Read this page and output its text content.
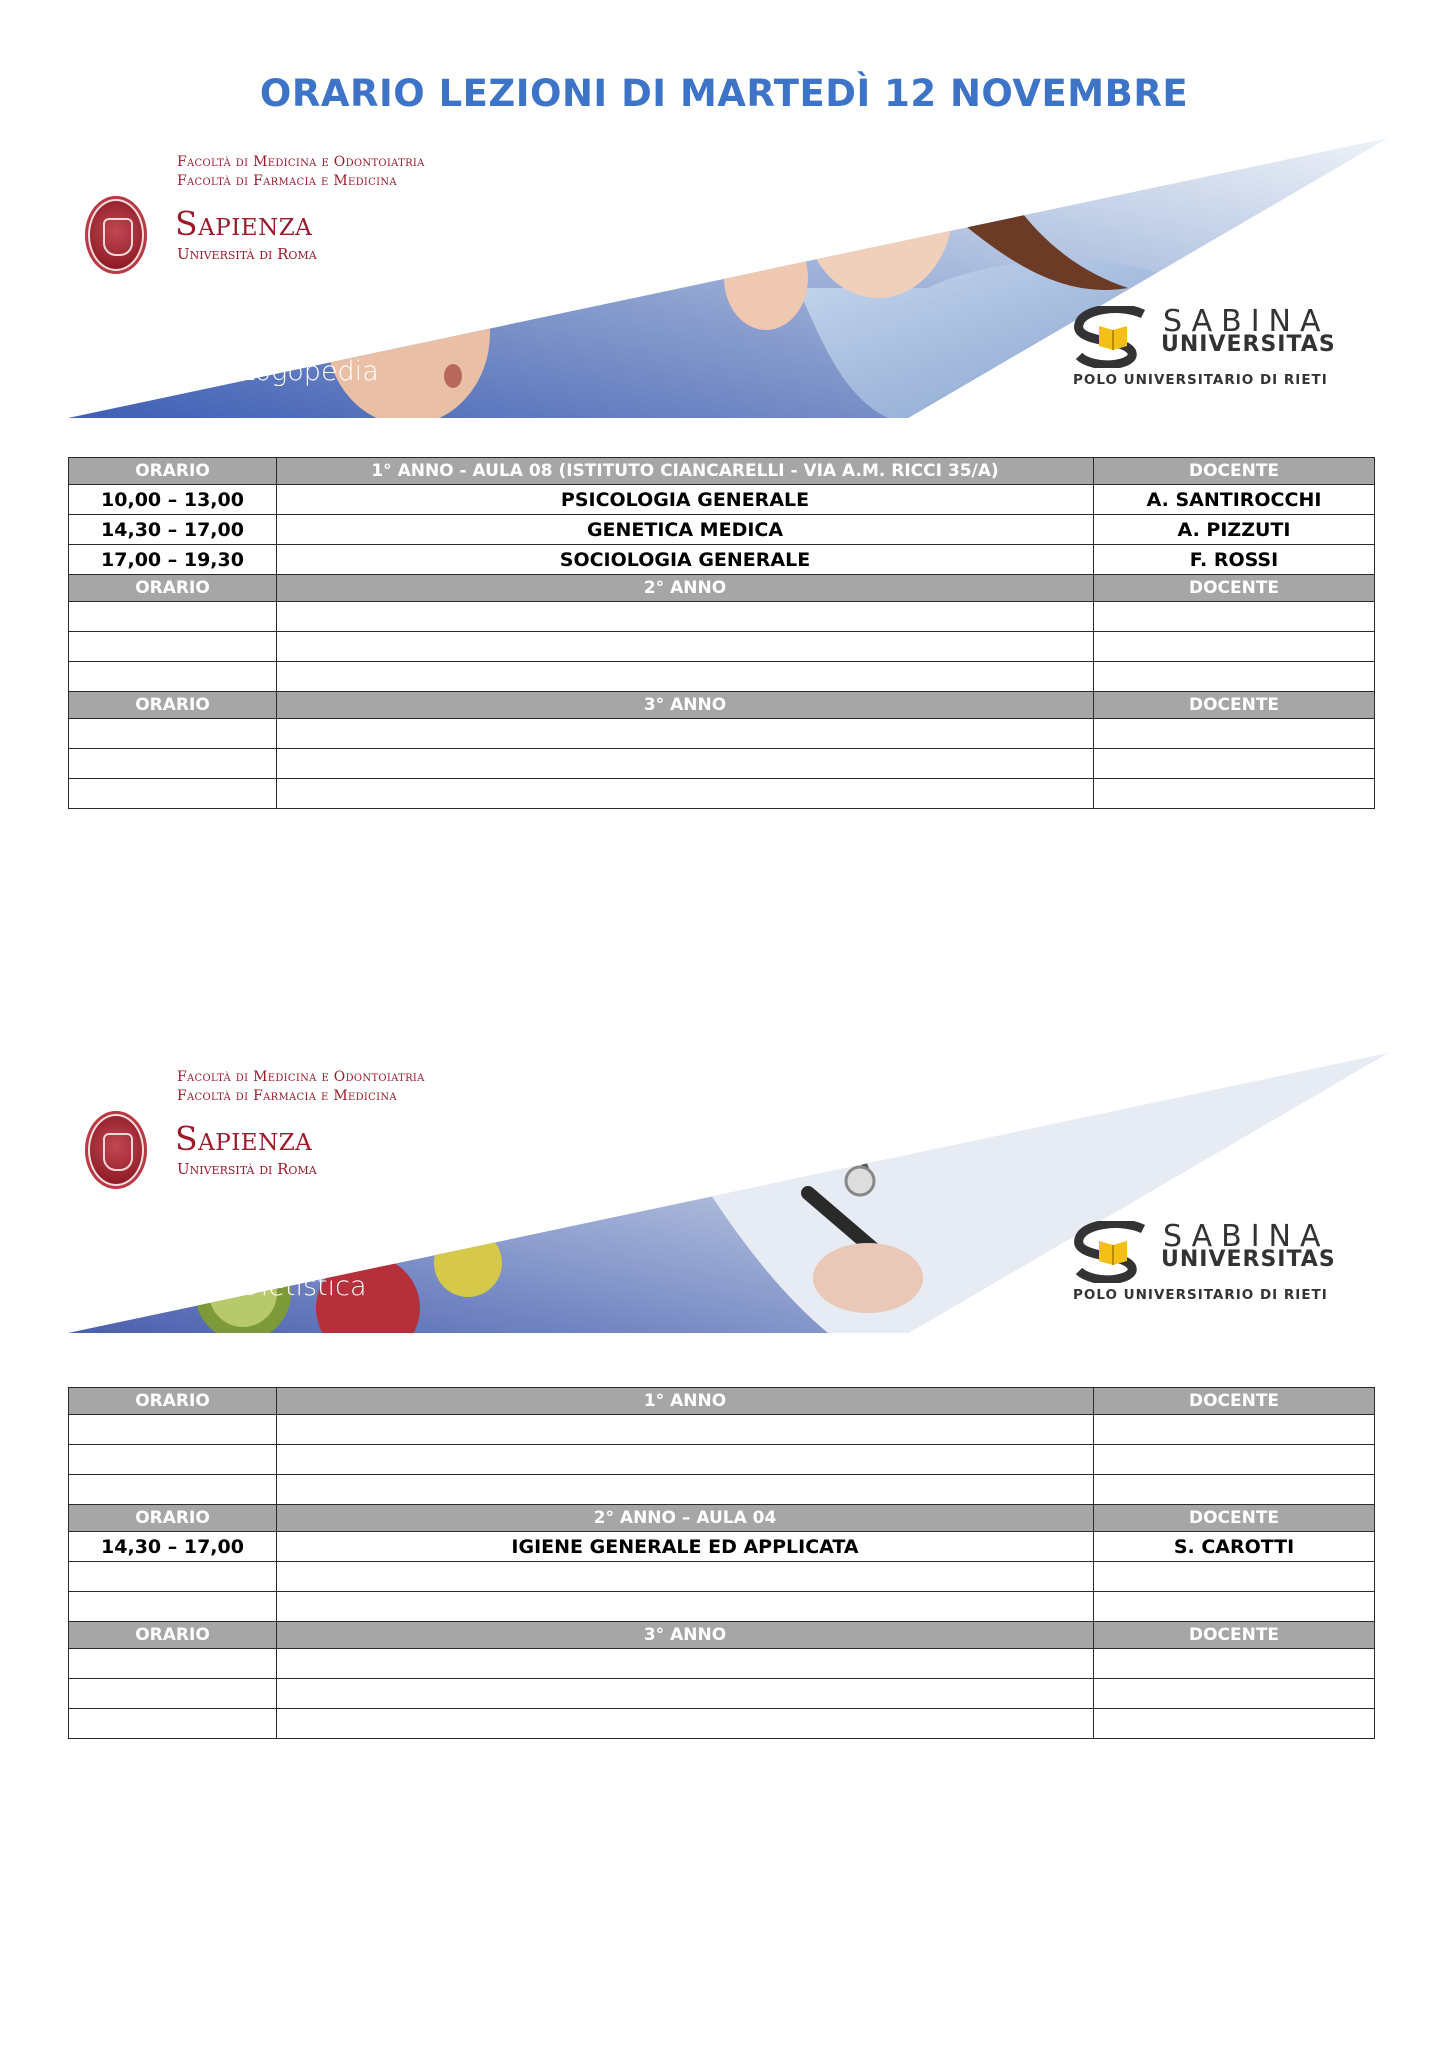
ORARIO LEZIONI DI MARTEDÌ 12 NOVEMBRE
Facoltà di Medicina e Odontoiatria
Facoltà di Farmacia e Medicina
Sapienza
Università di Roma
Logopedia
SABINA
UNIVERSITAS
POLO UNIVERSITARIO DI RIETI
ORARIO	1° ANNO - AULA 08 (ISTITUTO CIANCARELLI - VIA A.M. RICCI 35/A)	DOCENTE
10,00 – 13,00	PSICOLOGIA GENERALE	A. SANTIROCCHI
14,30 – 17,00	GENETICA MEDICA	A. PIZZUTI
17,00 – 19,30	SOCIOLOGIA GENERALE	F. ROSSI
ORARIO	2° ANNO	DOCENTE

ORARIO	3° ANNO	DOCENTE

Facoltà di Medicina e Odontoiatria
Facoltà di Farmacia e Medicina
Sapienza
Università di Roma
Dietistica
SABINA
UNIVERSITAS
POLO UNIVERSITARIO DI RIETI
ORARIO	1° ANNO	DOCENTE

ORARIO	2° ANNO – AULA 04	DOCENTE
14,30 – 17,00	IGIENE GENERALE ED APPLICATA	S. CAROTTI

ORARIO	3° ANNO	DOCENTE
